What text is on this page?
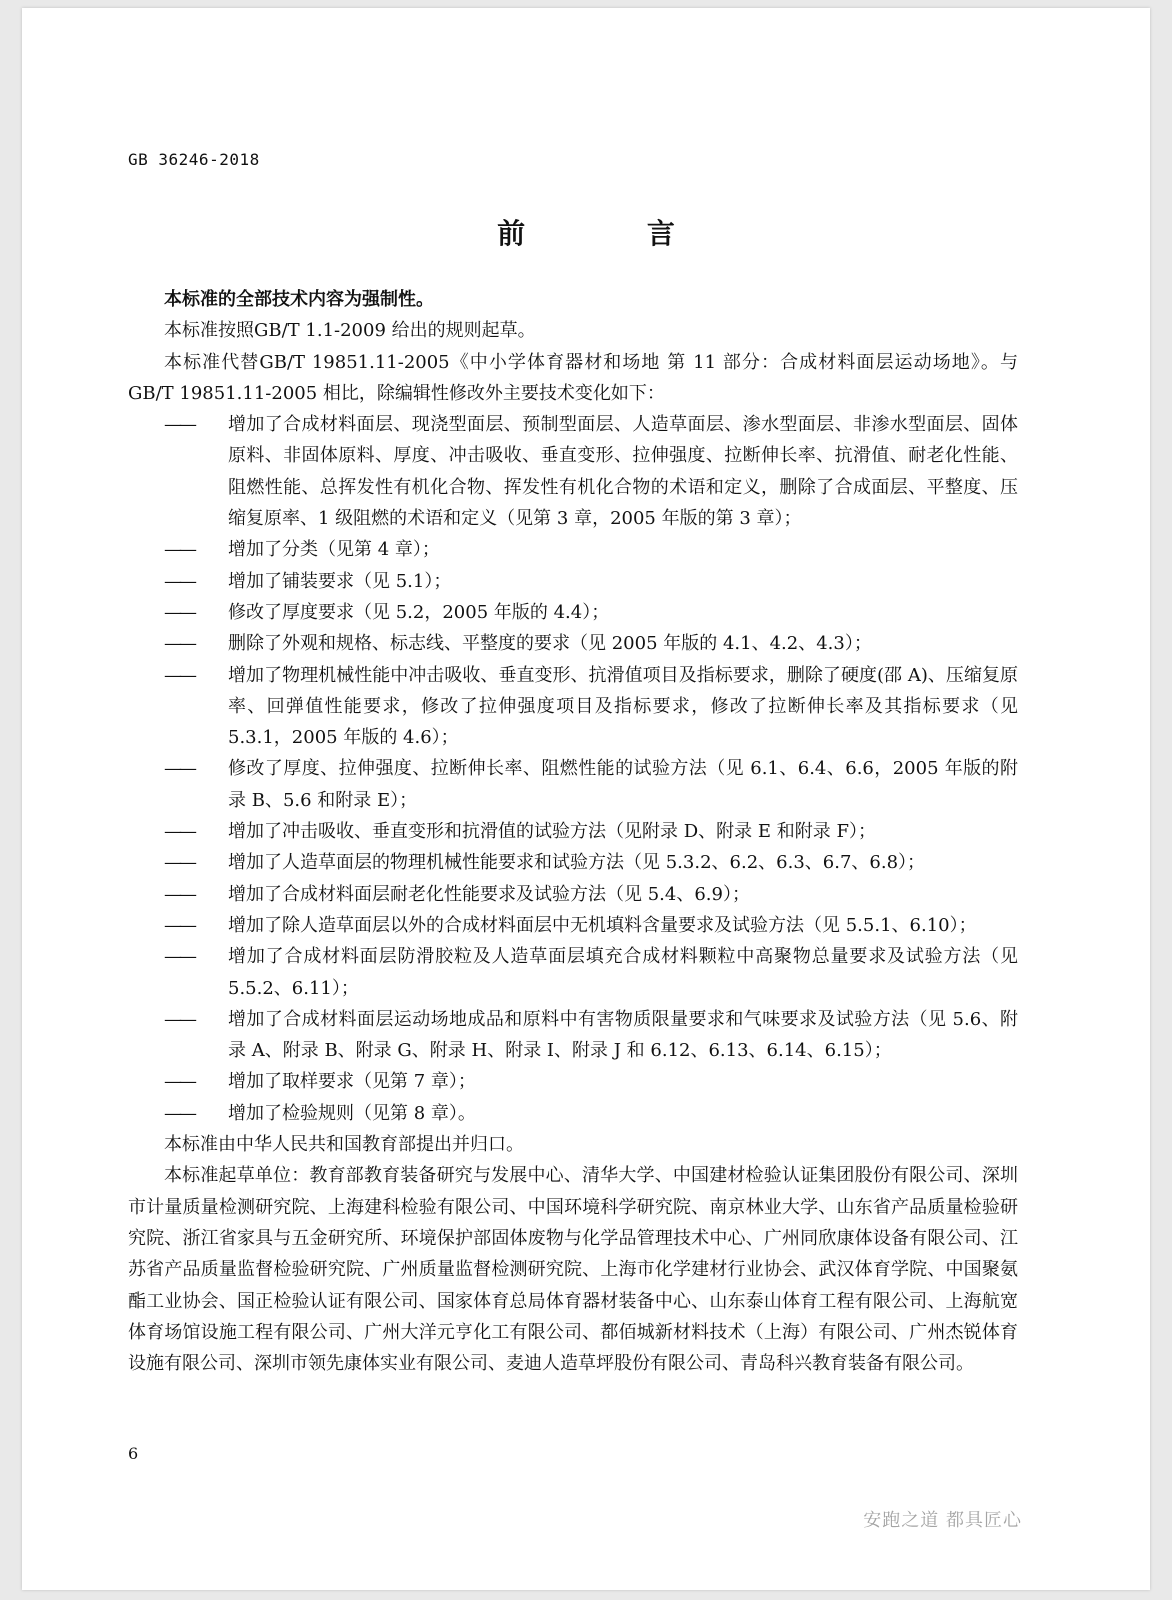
GB 36246-2018
前 言

本标准的全部技术内容为强制性。

本标准按照GB/T 1.1-2009 给出的规则起草。

本标准代替GB/T 19851.11-2005《中小学体育器材和场地 第 11 部分：合成材料面层运动场地》。与GB/T 19851.11-2005 相比，除编辑性修改外主要技术变化如下：

——	增加了合成材料面层、现浇型面层、预制型面层、人造草面层、渗水型面层、非渗水型面层、固体原料、非固体原料、厚度、冲击吸收、垂直变形、拉伸强度、拉断伸长率、抗滑值、耐老化性能、阻燃性能、总挥发性有机化合物、挥发性有机化合物的术语和定义，删除了合成面层、平整度、压缩复原率、1 级阻燃的术语和定义（见第 3 章，2005 年版的第 3 章）；
——	增加了分类（见第 4 章）；
——	增加了铺装要求（见 5.1）；
——	修改了厚度要求（见 5.2，2005 年版的 4.4）；
——	删除了外观和规格、标志线、平整度的要求（见 2005 年版的 4.1、4.2、4.3）；
——	增加了物理机械性能中冲击吸收、垂直变形、抗滑值项目及指标要求，删除了硬度(邵 A)、压缩复原率、回弹值性能要求，修改了拉伸强度项目及指标要求，修改了拉断伸长率及其指标要求（见 5.3.1，2005 年版的 4.6）；
——	修改了厚度、拉伸强度、拉断伸长率、阻燃性能的试验方法（见 6.1、6.4、6.6，2005 年版的附录 B、5.6 和附录 E）；
——	增加了冲击吸收、垂直变形和抗滑值的试验方法（见附录 D、附录 E 和附录 F）；
——	增加了人造草面层的物理机械性能要求和试验方法（见 5.3.2、6.2、6.3、6.7、6.8）；
——	增加了合成材料面层耐老化性能要求及试验方法（见 5.4、6.9）；
——	增加了除人造草面层以外的合成材料面层中无机填料含量要求及试验方法（见 5.5.1、6.10）；
——	增加了合成材料面层防滑胶粒及人造草面层填充合成材料颗粒中高聚物总量要求及试验方法（见 5.5.2、6.11）；
——	增加了合成材料面层运动场地成品和原料中有害物质限量要求和气味要求及试验方法（见 5.6、附录 A、附录 B、附录 G、附录 H、附录 I、附录 J 和 6.12、6.13、6.14、6.15）；
——	增加了取样要求（见第 7 章）；
——	增加了检验规则（见第 8 章）。

本标准由中华人民共和国教育部提出并归口。

本标准起草单位：教育部教育装备研究与发展中心、清华大学、中国建材检验认证集团股份有限公司、深圳市计量质量检测研究院、上海建科检验有限公司、中国环境科学研究院、南京林业大学、山东省产品质量检验研究院、浙江省家具与五金研究所、环境保护部固体废物与化学品管理技术中心、广州同欣康体设备有限公司、江苏省产品质量监督检验研究院、广州质量监督检测研究院、上海市化学建材行业协会、武汉体育学院、中国聚氨酯工业协会、国正检验认证有限公司、国家体育总局体育器材装备中心、山东泰山体育工程有限公司、上海航宽体育场馆设施工程有限公司、广州大洋元亨化工有限公司、都佰城新材料技术（上海）有限公司、广州杰锐体育设施有限公司、深圳市领先康体实业有限公司、麦迪人造草坪股份有限公司、青岛科兴教育装备有限公司。

6
安跑之道 都具匠心
